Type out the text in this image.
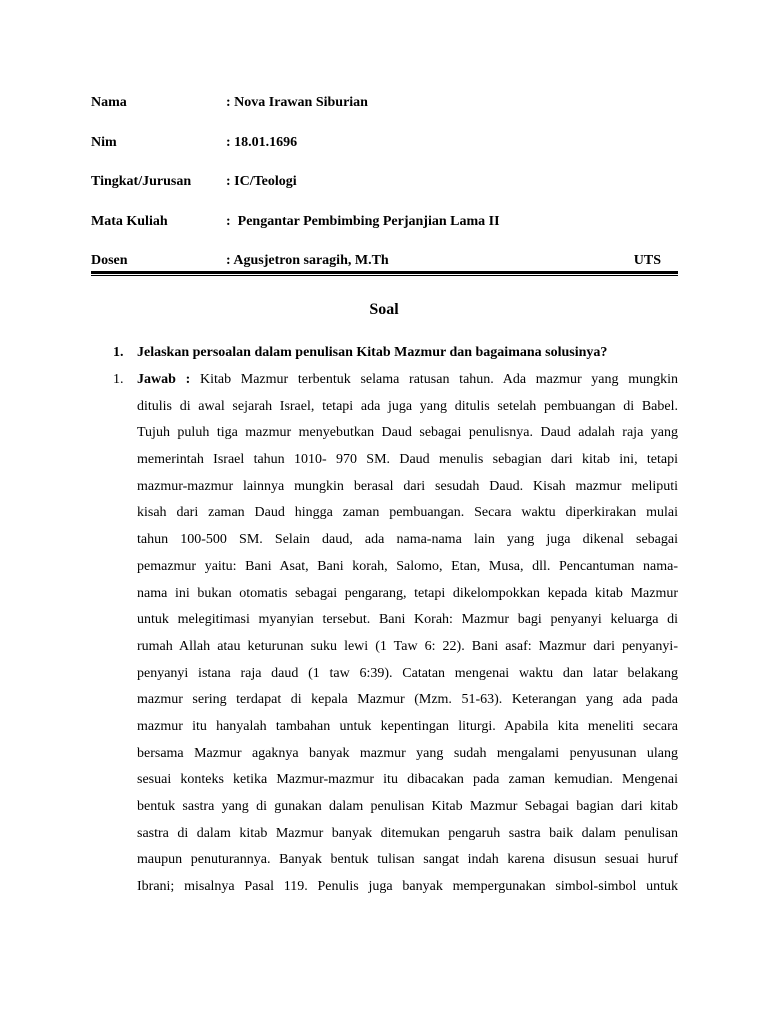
Nama	: Nova Irawan Siburian
Nim	: 18.01.1696
Tingkat/Jurusan : IC/Teologi
Mata Kuliah	:  Pengantar Pembimbing Perjanjian Lama II
Dosen	: Agusjetron saragih, M.Th	UTS
Soal
1. Jelaskan persoalan dalam penulisan Kitab Mazmur dan bagaimana solusinya?
1. Jawab : Kitab Mazmur terbentuk selama ratusan tahun. Ada mazmur yang mungkin
ditulis di awal sejarah Israel, tetapi ada juga yang ditulis setelah pembuangan di Babel.
Tujuh puluh tiga mazmur menyebutkan Daud sebagai penulisnya. Daud adalah raja yang
memerintah Israel tahun 1010- 970 SM. Daud menulis sebagian dari kitab ini, tetapi
mazmur-mazmur lainnya mungkin berasal dari sesudah Daud. Kisah mazmur meliputi
kisah dari zaman Daud hingga zaman pembuangan. Secara waktu diperkirakan mulai
tahun 100-500 SM. Selain daud, ada nama-nama lain yang juga dikenal sebagai
pemazmur yaitu: Bani Asat, Bani korah, Salomo, Etan, Musa, dll. Pencantuman nama-
nama ini bukan otomatis sebagai pengarang, tetapi dikelompokkan kepada kitab Mazmur
untuk melegitimasi myanyian tersebut. Bani Korah: Mazmur bagi penyanyi keluarga di
rumah Allah atau keturunan suku lewi (1 Taw 6: 22). Bani asaf: Mazmur dari penyanyi-
penyanyi istana raja daud (1 taw 6:39). Catatan mengenai waktu dan latar belakang
mazmur sering terdapat di kepala Mazmur (Mzm. 51-63). Keterangan yang ada pada
mazmur itu hanyalah tambahan untuk kepentingan liturgi. Apabila kita meneliti secara
bersama Mazmur agaknya banyak mazmur yang sudah mengalami penyusunan ulang
sesuai konteks ketika Mazmur-mazmur itu dibacakan pada zaman kemudian. Mengenai
bentuk sastra yang di gunakan dalam penulisan Kitab Mazmur Sebagai bagian dari kitab
sastra di dalam kitab Mazmur banyak ditemukan pengaruh sastra baik dalam penulisan
maupun penuturannya. Banyak bentuk tulisan sangat indah karena disusun sesuai huruf
Ibrani; misalnya Pasal 119. Penulis juga banyak mempergunakan simbol-simbol untuk
